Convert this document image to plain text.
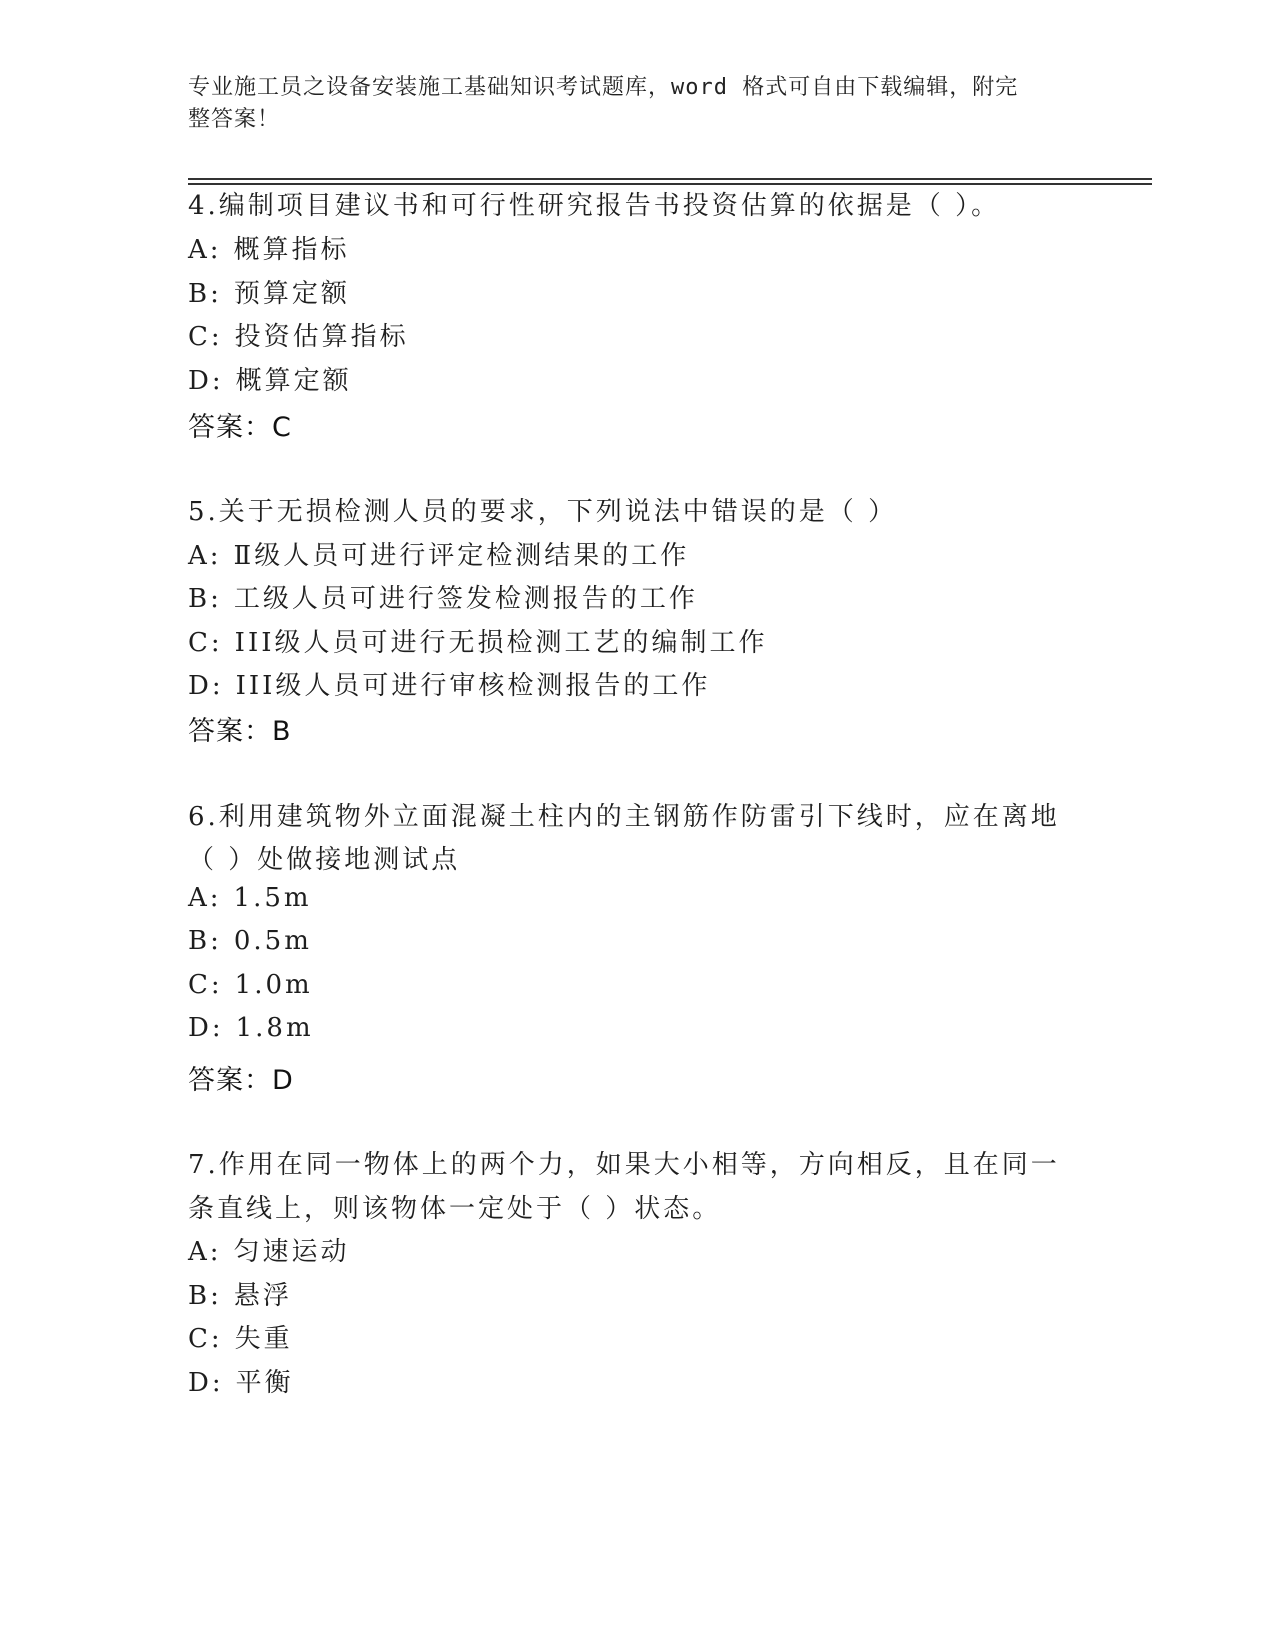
专业施工员之设备安装施工基础知识考试题库，word 格式可自由下载编辑，附完
整答案！
4.编制项目建议书和可行性研究报告书投资估算的依据是（ ）。
A: 概算指标
B: 预算定额
C: 投资估算指标
D: 概算定额
答案：C
5.关于无损检测人员的要求，下列说法中错误的是（ ）
A: Ⅱ级人员可进行评定检测结果的工作
B: 工级人员可进行签发检测报告的工作
C: III级人员可进行无损检测工艺的编制工作
D: III级人员可进行审核检测报告的工作
答案：B
6.利用建筑物外立面混凝土柱内的主钢筋作防雷引下线时，应在离地
（ ）处做接地测试点
A: 1.5m
B: 0.5m
C: 1.0m
D: 1.8m
答案：D
7.作用在同一物体上的两个力，如果大小相等，方向相反，且在同一
条直线上，则该物体一定处于（ ）状态。
A: 匀速运动
B: 悬浮
C: 失重
D: 平衡
